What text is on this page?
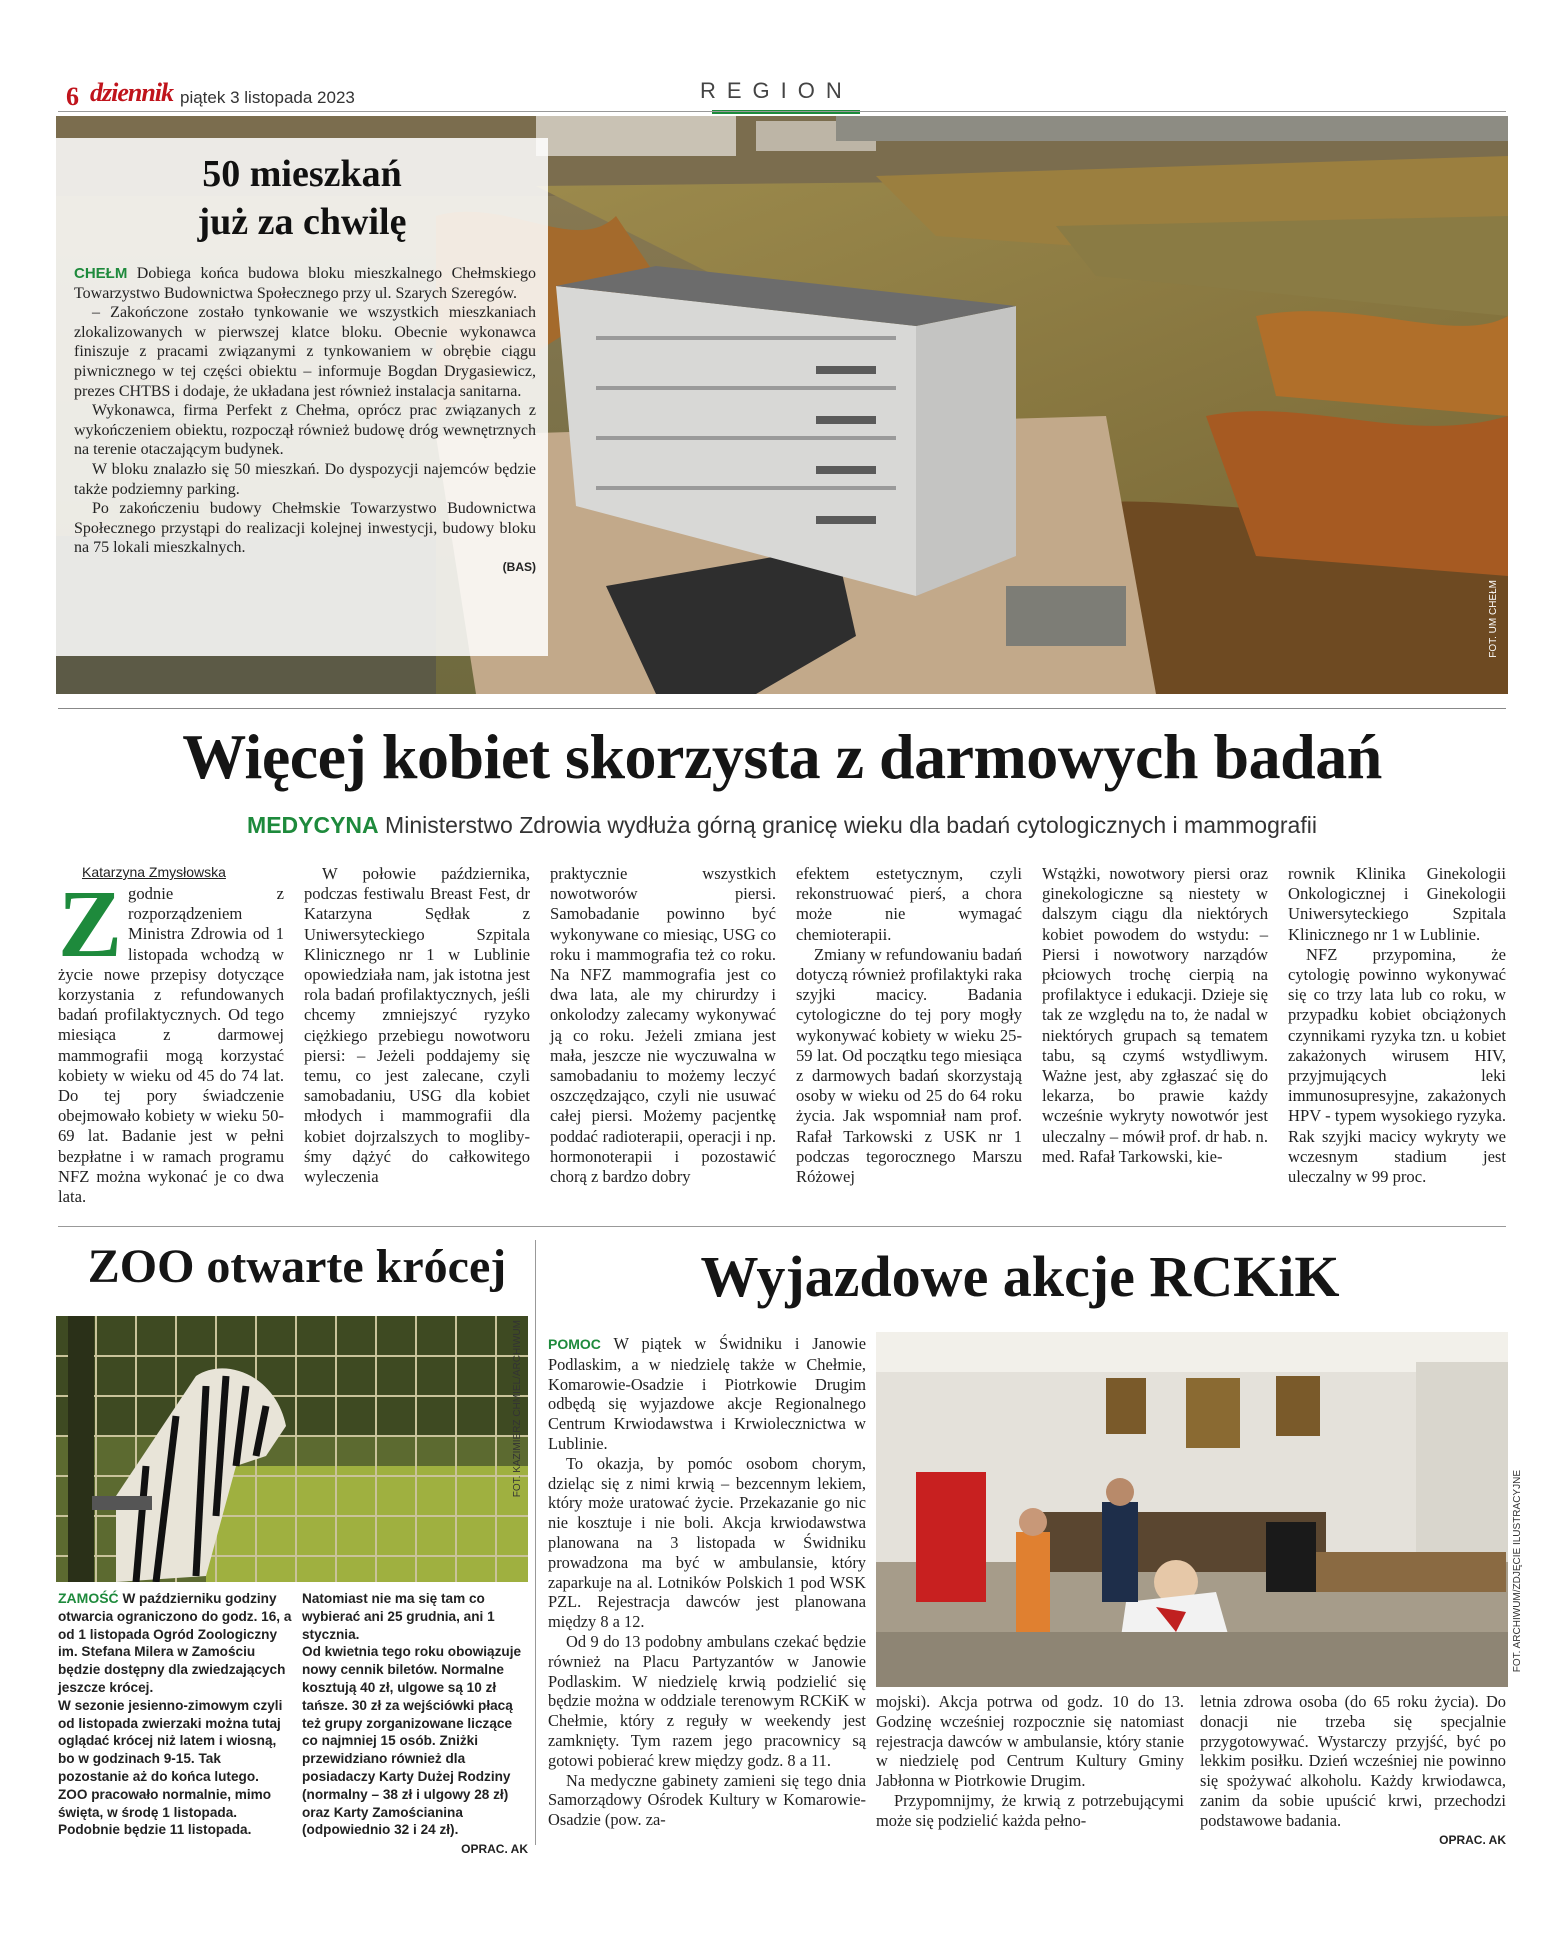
6 dziennik piątek 3 listopada 2023	REGION
50 mieszkań
już za chwilę

CHEŁM Dobiega końca budowa bloku mieszkalnego Chełmskiego Towarzystwo Budownictwa Społecznego przy ul. Szarych Szeregów.

– Zakończone zostało tynkowanie we wszystkich mieszkaniach zlokalizowanych w pierwszej klatce bloku. Obecnie wykonawca finiszuje z pracami związanymi z tynkowaniem w obrębie ciągu piwnicznego w tej części obiektu – informuje Bogdan Drygasiewicz, prezes CHTBS i dodaje, że układana jest również instalacja sanitarna.

Wykonawca, firma Perfekt z Chełma, oprócz prac związanych z wykończeniem obiektu, rozpoczął również budowę dróg wewnętrznych na terenie otaczającym budynek.

W bloku znalazło się 50 mieszkań. Do dyspozycji najemców będzie także podziemny parking.

Po zakończeniu budowy Chełmskie Towarzystwo Budownictwa Społecznego przystąpi do realizacji kolejnej inwestycji, budowy bloku na 75 lokali mieszkalnych.

(BAS)
FOT. UM CHEŁM
Więcej kobiet skorzysta z darmowych badań
MEDYCYNA Ministerstwo Zdrowia wydłuża górną granicę wieku dla badań cytologicznych i mammografii
Katarzyna Zmysłowska

Zgodnie z rozporządzeniem Ministra Zdrowia od 1 listopada wchodzą w życie nowe przepisy dotyczące korzystania z refundowanych badań profilaktycznych. Od tego miesiąca z darmowej mammografii mogą korzystać kobiety w wieku od 45 do 74 lat. Do tej pory świadczenie obejmowało kobiety w wieku 50-69 lat. Badanie jest w pełni bezpłatne i w ramach programu NFZ można wykonać je co dwa lata.

W połowie października, podczas festiwalu Breast Fest, dr Katarzyna Sędłak z Uniwersyteckiego Szpitala Klinicznego nr 1 w Lublinie opowiedziała nam, jak istotna jest rola badań profilaktycznych, jeśli chcemy zmniejszyć ryzyko ciężkiego przebiegu nowotworu piersi: – Jeżeli poddajemy się temu, co jest zalecane, czyli samobadaniu, USG dla kobiet młodych i mammografii dla kobiet dojrzalszych to moglibyśmy dążyć do całkowitego wyleczenia

praktycznie wszystkich nowotworów piersi. Samobadanie powinno być wykonywane co miesiąc, USG co roku i mammografia też co roku. Na NFZ mammografia jest co dwa lata, ale my chirurdzy i onkolodzy zalecamy wykonywać ją co roku. Jeżeli zmiana jest mała, jeszcze nie wyczuwalna w samobadaniu to możemy leczyć oszczędzająco, czyli nie usuwać całej piersi. Możemy pacjentkę poddać radioterapii, operacji i np. hormonoterapii i pozostawić chorą z bardzo dobry

efektem estetycznym, czyli rekonstruować pierś, a chora może nie wymagać chemioterapii.

Zmiany w refundowaniu badań dotyczą również profilaktyki raka szyjki macicy. Badania cytologiczne do tej pory mogły wykonywać kobiety w wieku 25-59 lat. Od początku tego miesiąca z darmowych badań skorzystają osoby w wieku od 25 do 64 roku życia. Jak wspomniał nam prof. Rafał Tarkowski z USK nr 1 podczas tegorocznego Marszu Różowej

Wstążki, nowotwory piersi oraz ginekologiczne są niestety w dalszym ciągu dla niektórych kobiet powodem do wstydu: – Piersi i nowotwory narządów płciowych trochę cierpią na profilaktyce i edukacji. Dzieje się tak ze względu na to, że nadal w niektórych grupach są tematem tabu, są czymś wstydliwym. Ważne jest, aby zgłaszać się do lekarza, bo prawie każdy wcześnie wykryty nowotwór jest uleczalny – mówił prof. dr hab. n. med. Rafał Tarkowski, kie-

rownik Klinika Ginekologii Onkologicznej i Ginekologii Uniwersyteckiego Szpitala Klinicznego nr 1 w Lublinie.

NFZ przypomina, że cytologię powinno wykonywać się co trzy lata lub co roku, w przypadku kobiet obciążonych czynnikami ryzyka tzn. u kobiet zakażonych wirusem HIV, przyjmujących leki immunosupresyjne, zakażonych HPV - typem wysokiego ryzyka. Rak szyjki macicy wykryty we wczesnym stadium jest uleczalny w 99 proc.

ZOO otwarte krócej
FOT. KAZIMIERZ CHMIEL/ARCHIWUM

ZAMOŚĆ W październiku godziny otwarcia ograniczono do godz. 16, a od 1 listopada Ogród Zoologiczny im. Stefana Milera w Zamościu będzie dostępny dla zwiedzających jeszcze krócej.

W sezonie jesienno-zimowym czyli od listopada zwierzaki można tutaj oglądać krócej niż latem i wiosną, bo w godzinach 9-15. Tak pozostanie aż do końca lutego.

ZOO pracowało normalnie, mimo święta, w środę 1 listopada. Podobnie będzie 11 listopada.

Natomiast nie ma się tam co wybierać ani 25 grudnia, ani 1 stycznia.

Od kwietnia tego roku obowiązuje nowy cennik biletów. Normalne kosztują 40 zł, ulgowe są 10 zł tańsze. 30 zł za wejściówki płacą też grupy zorganizowane liczące co najmniej 15 osób. Zniżki przewidziano również dla posiadaczy Karty Dużej Rodziny (normalny – 38 zł i ulgowy 28 zł) oraz Karty Zamościanina (odpowiednio 32 i 24 zł).

OPRAC. AK
Wyjazdowe akcje RCKiK
FOT. ARCHIWUM/ZDJĘCIE ILUSTRACYJNE

POMOC W piątek w Świdniku i Janowie Podlaskim, a w niedzielę także w Chełmie, Komarowie-Osadzie i Piotrkowie Drugim odbędą się wyjazdowe akcje Regionalnego Centrum Krwiodawstwa i Krwiolecznictwa w Lublinie.

To okazja, by pomóc osobom chorym, dzieląc się z nimi krwią – bezcennym lekiem, który może uratować życie. Przekazanie go nic nie kosztuje i nie boli. Akcja krwiodawstwa planowana na 3 listopada w Świdniku prowadzona ma być w ambulansie, który zaparkuje na al. Lotników Polskich 1 pod WSK PZL. Rejestracja dawców jest planowana między 8 a 12.

Od 9 do 13 podobny ambulans czekać będzie również na Placu Partyzantów w Janowie Podlaskim. W niedzielę krwią podzielić się będzie można w oddziale terenowym RCKiK w Chełmie, który z reguły w weekendy jest zamknięty. Tym razem jego pracownicy są gotowi pobierać krew między godz. 8 a 11.

Na medyczne gabinety zamieni się tego dnia Samorządowy Ośrodek Kultury w Komarowie-Osadzie (pow. za-

mojski). Akcja potrwa od godz. 10 do 13. Godzinę wcześniej rozpocznie się natomiast rejestracja dawców w ambulansie, który stanie w niedzielę pod Centrum Kultury Gminy Jabłonna w Piotrkowie Drugim.

Przypomnijmy, że krwią z potrzebującymi może się podzielić każda pełno-

letnia zdrowa osoba (do 65 roku życia). Do donacji nie trzeba się specjalnie przygotowywać. Wystarczy przyjść, być po lekkim posiłku. Dzień wcześniej nie powinno się spożywać alkoholu. Każdy krwiodawca, zanim da sobie upuścić krwi, przechodzi podstawowe badania.

OPRAC. AK
